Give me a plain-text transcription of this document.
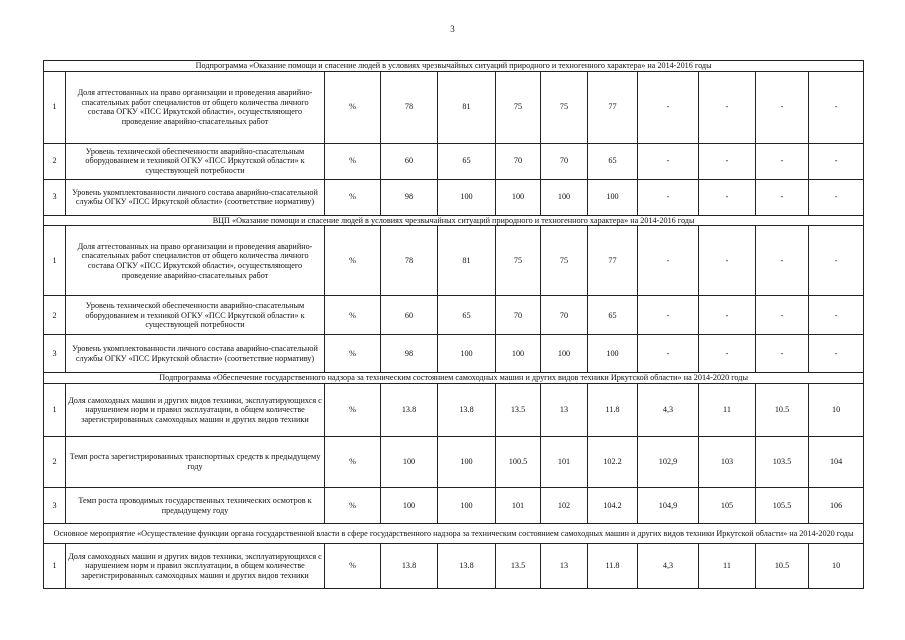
3
Подпрограмма «Оказание помощи и спасение людей в условиях чрезвычайных ситуаций природного и техногенного характера» на 2014-2016 годы											
1	Доля аттестованных на право организации и проведения аварийно-спасательных работ специалистов от общего количества личного состава ОГКУ «ПСС Иркутской области», осуществляющего проведение аварийно-спасательных работ	%	78	81	75	75	77	-	-	-	-
2	Уровень технической обеспеченности аварийно-спасательным оборудованием и техникой ОГКУ «ПСС Иркутской области» к существующей потребности	%	60	65	70	70	65	-	-	-	-
3	Уровень укомплектованности личного состава аварийно-спасательной службы ОГКУ «ПСС Иркутской области» (соответствие нормативу)	%	98	100	100	100	100	-	-	-	-
ВЦП «Оказание помощи и спасение людей в условиях чрезвычайных ситуаций природного и техногенного характера» на 2014-2016 годы											
1	Доля аттестованных на право организации и проведения аварийно-спасательных работ специалистов от общего количества личного состава ОГКУ «ПСС Иркутской области», осуществляющего проведение аварийно-спасательных работ	%	78	81	75	75	77	-	-	-	-
2	Уровень технической обеспеченности аварийно-спасательным оборудованием и техникой ОГКУ «ПСС Иркутской области» к существующей потребности	%	60	65	70	70	65	-	-	-	-
3	Уровень укомплектованности личного состава аварийно-спасательной службы ОГКУ «ПСС Иркутской области» (соответствие нормативу)	%	98	100	100	100	100	-	-	-	-
Подпрограмма «Обеспечение государственного надзора за техническим состоянием самоходных машин и других видов техники Иркутской области» на 2014-2020 годы											
1	Доля самоходных машин и других видов техники, эксплуатирующихся с нарушением норм и правил эксплуатации, в общем количестве зарегистрированных самоходных машин и других видов техники	%	13.8	13.8	13.5	13	11.8	4,3	11	10.5	10
2	Темп роста зарегистрированных транспортных средств к предыдущему году	%	100	100	100.5	101	102.2	102,9	103	103.5	104
3	Темп роста проводимых государственных технических осмотров к предыдущему году	%	100	100	101	102	104.2	104,9	105	105.5	106
Основное мероприятие «Осуществление функции органа государственной власти в сфере государственного надзора за техническим состоянием самоходных машин и других видов техники Иркутской области» на 2014-2020 годы											
1	Доля самоходных машин и других видов техники, эксплуатирующихся с нарушением норм и правил эксплуатации, в общем количестве зарегистрированных самоходных машин и других видов техники	%	13.8	13.8	13.5	13	11.8	4,3	11	10.5	10
